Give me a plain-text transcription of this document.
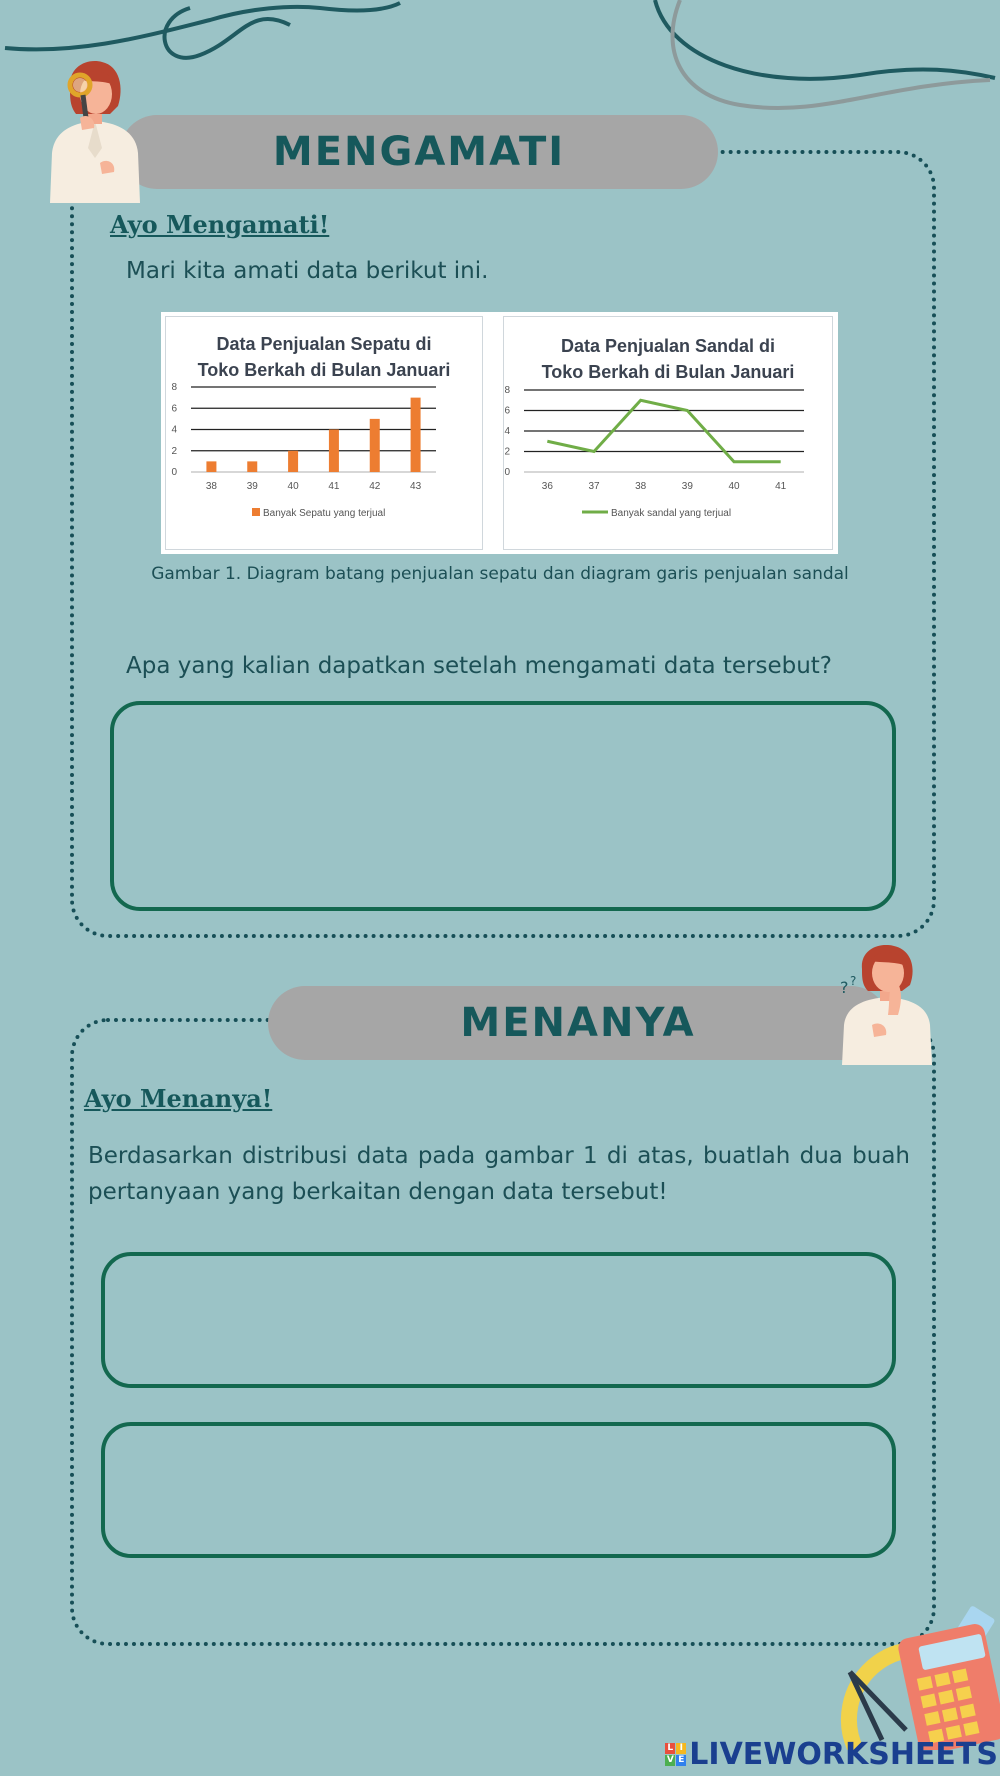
MENGAMATI
Ayo Mengamati!
Mari kita amati data berikut ini.
Data Penjualan Sepatu di
Toko Berkah di Bulan Januari
0
2
4
6
8
38	39	40	41	42	43
Banyak Sepatu yang terjual
Data Penjualan Sandal di
Toko Berkah di Bulan Januari
0
2
4
6
8
36	37	38	39	40	41
Banyak sandal yang terjual
Gambar 1. Diagram batang penjualan sepatu dan diagram garis penjualan sandal
Apa yang kalian dapatkan setelah mengamati data tersebut?
MENANYA
? ?
Ayo Menanya!
Berdasarkan distribusi data pada gambar 1 di atas, buatlah dua buah pertanyaan yang berkaitan dengan data tersebut!
L I
V E LIVEWORKSHEETS
